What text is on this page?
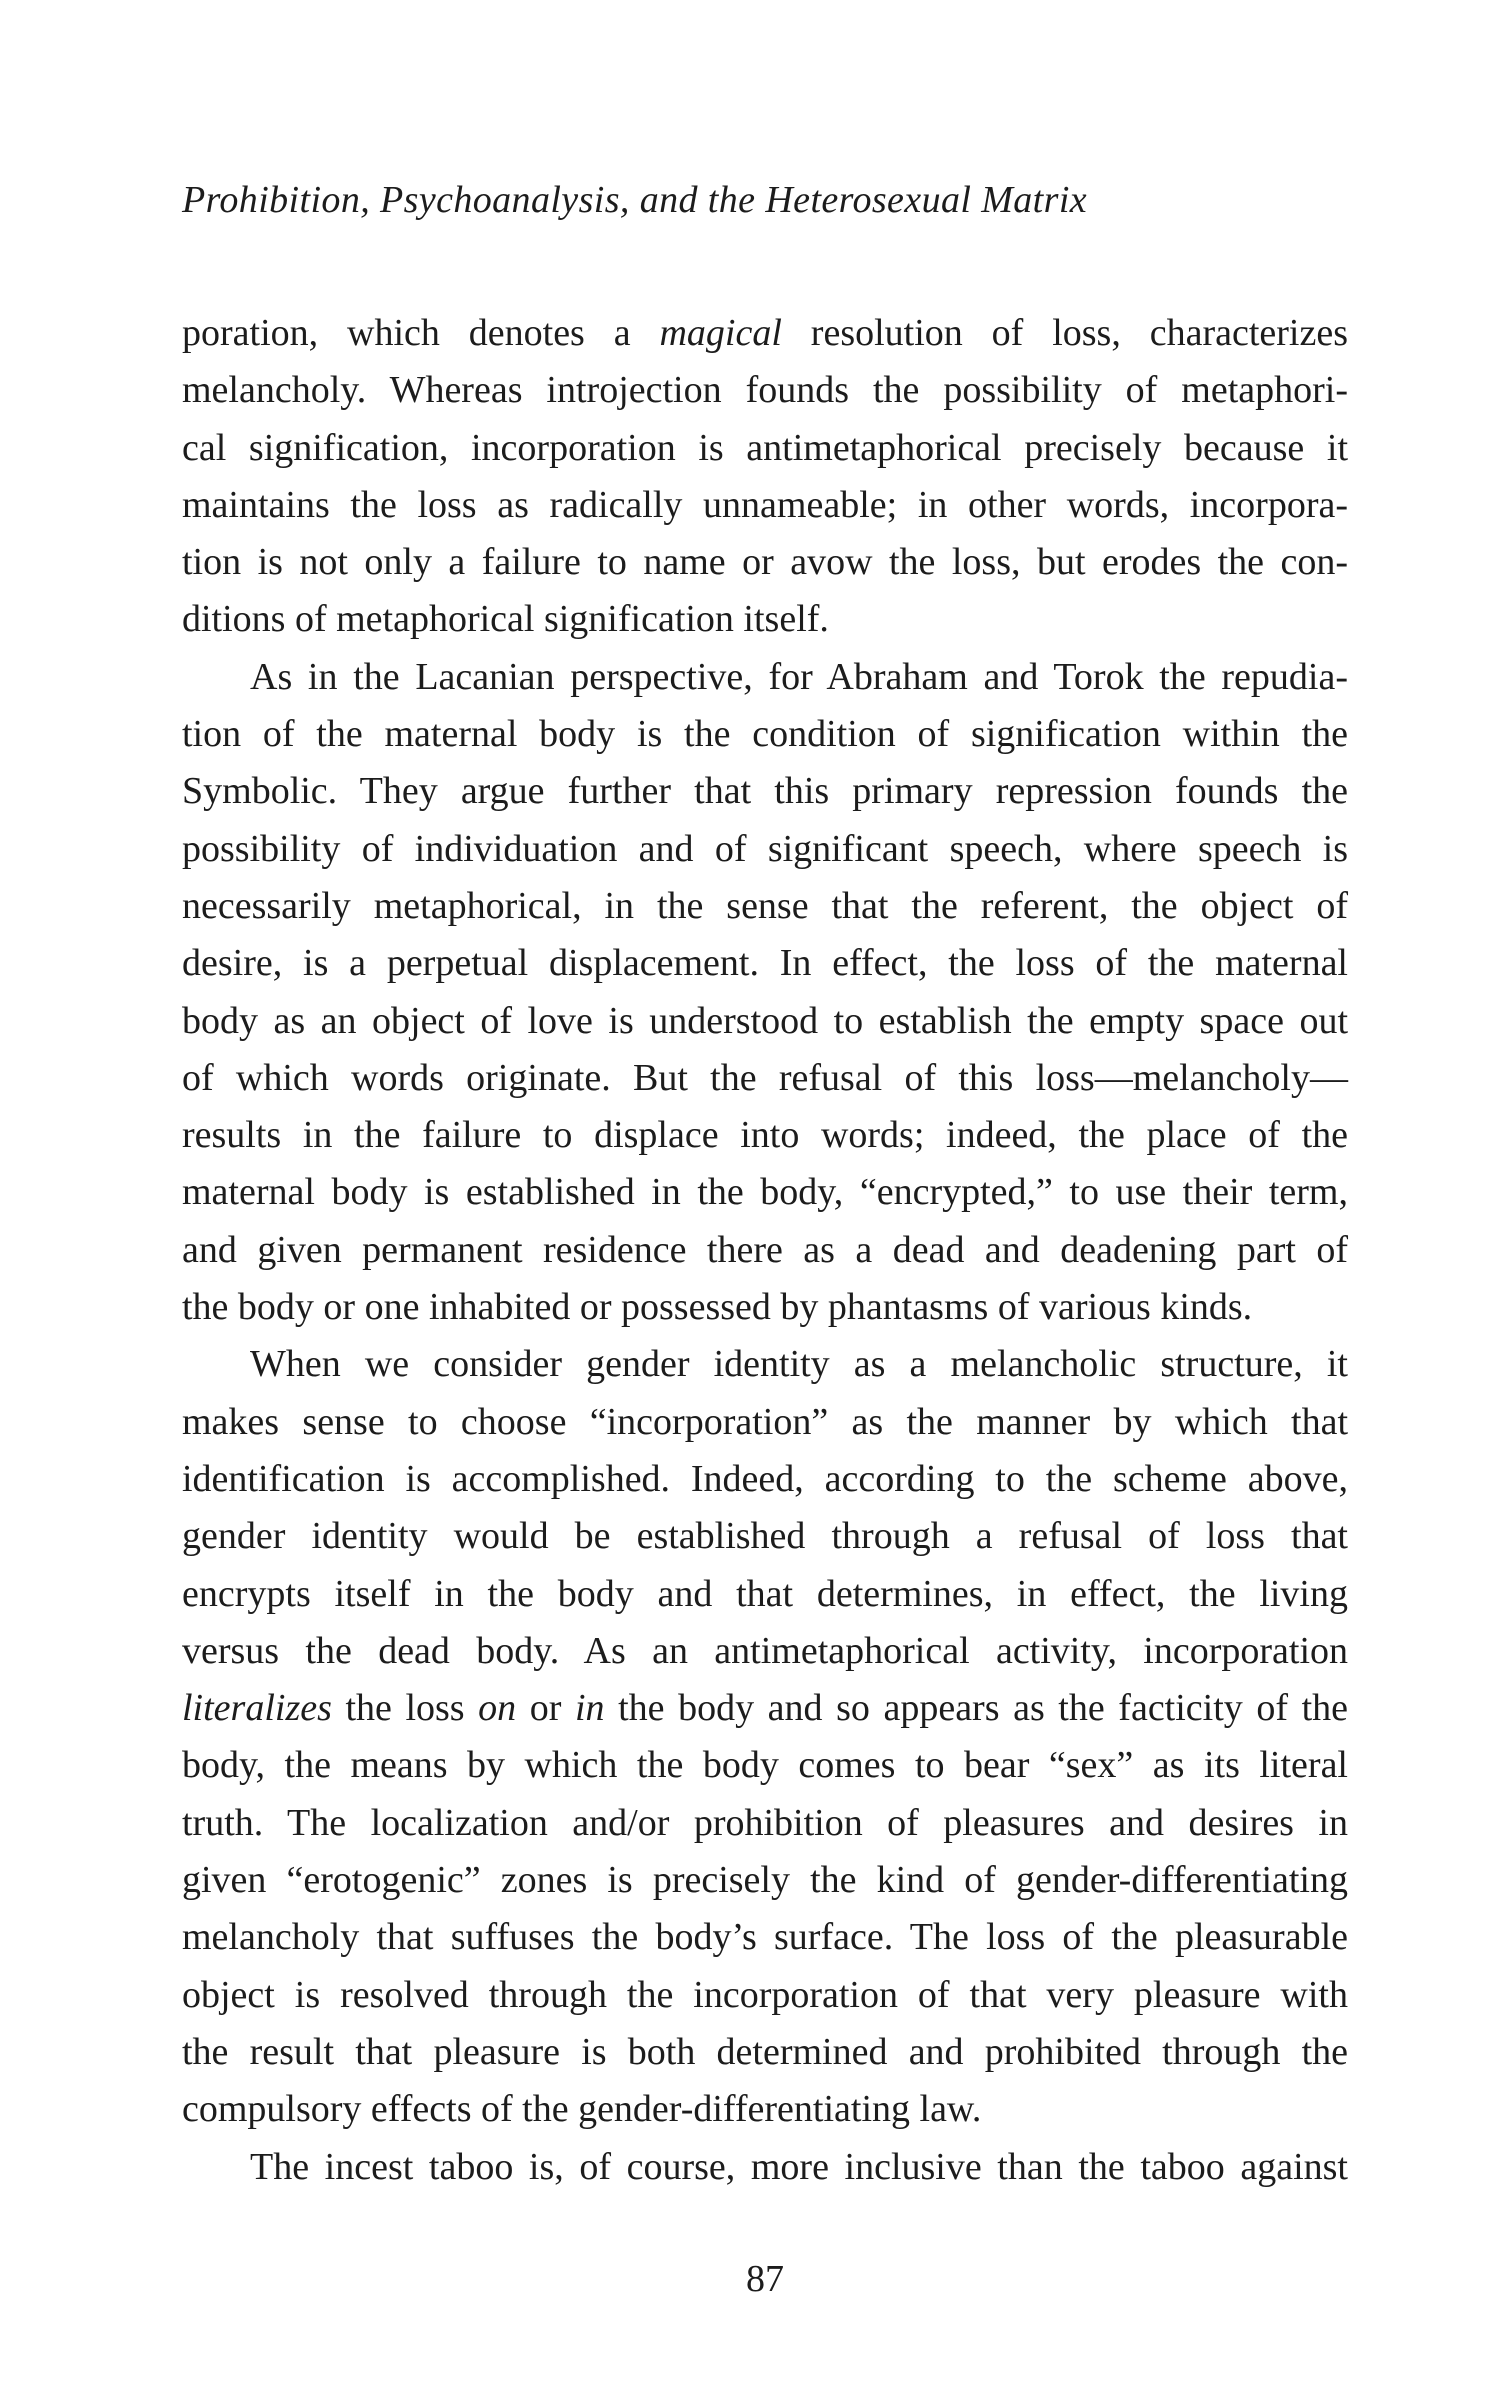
Prohibition, Psychoanalysis, and the Heterosexual Matrix
poration, which denotes a magical resolution of loss, characterizes
melancholy. Whereas introjection founds the possibility of metaphori-
cal signification, incorporation is antimetaphorical precisely because it
maintains the loss as radically unnameable; in other words, incorpora-
tion is not only a failure to name or avow the loss, but erodes the con-
ditions of metaphorical signification itself.
As in the Lacanian perspective, for Abraham and Torok the repudia-
tion of the maternal body is the condition of signification within the
Symbolic. They argue further that this primary repression founds the
possibility of individuation and of significant speech, where speech is
necessarily metaphorical, in the sense that the referent, the object of
desire, is a perpetual displacement. In effect, the loss of the maternal
body as an object of love is understood to establish the empty space out
of which words originate. But the refusal of this loss—melancholy—
results in the failure to displace into words; indeed, the place of the
maternal body is established in the body, “encrypted,” to use their term,
and given permanent residence there as a dead and deadening part of
the body or one inhabited or possessed by phantasms of various kinds.
When we consider gender identity as a melancholic structure, it
makes sense to choose “incorporation” as the manner by which that
identification is accomplished. Indeed, according to the scheme above,
gender identity would be established through a refusal of loss that
encrypts itself in the body and that determines, in effect, the living
versus the dead body. As an antimetaphorical activity, incorporation
literalizes the loss on or in the body and so appears as the facticity of the
body, the means by which the body comes to bear “sex” as its literal
truth. The localization and/or prohibition of pleasures and desires in
given “erotogenic” zones is precisely the kind of gender-differentiating
melancholy that suffuses the body’s surface. The loss of the pleasurable
object is resolved through the incorporation of that very pleasure with
the result that pleasure is both determined and prohibited through the
compulsory effects of the gender-differentiating law.
The incest taboo is, of course, more inclusive than the taboo against
87
